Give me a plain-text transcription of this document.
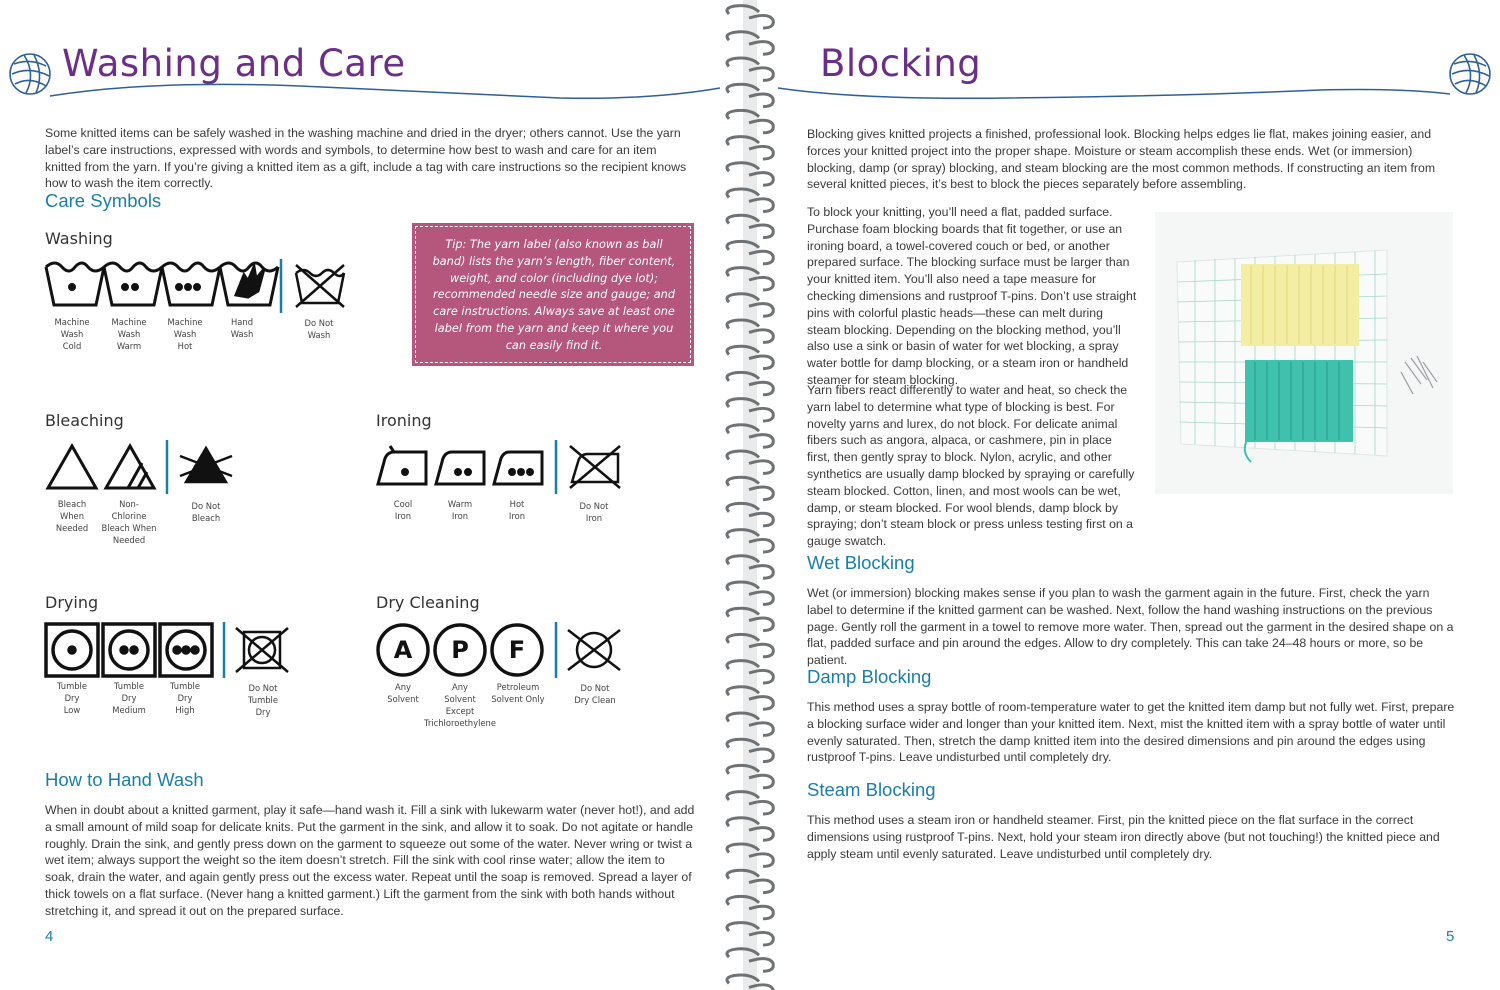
Washing and Care
Some knitted items can be safely washed in the washing machine and dried in the dryer; others cannot. Use the yarn label’s care instructions, expressed with words and symbols, to determine how best to wash and care for an item knitted from the yarn. If you’re giving a knitted item as a gift, include a tag with care instructions so the recipient knows how to wash the item correctly.
Care Symbols
Washing
Machine
Wash
Cold
Machine
Wash
Warm
Machine
Wash
Hot
Hand
Wash
Do Not
Wash
Tip: The yarn label (also known as ball band) lists the yarn’s length, fiber content, weight, and color (including dye lot); recommended needle size and gauge; and care instructions. Always save at least one label from the yarn and keep it where you can easily find it.
Bleaching
Bleach
When
Needed
Non-
Chlorine
Bleach When
Needed
Do Not
Bleach
Ironing
Cool
Iron
Warm
Iron
Hot
Iron
Do Not
Iron
Drying
Tumble
Dry
Low
Tumble
Dry
Medium
Tumble
Dry
High
Do Not
Tumble
Dry
Dry Cleaning
A	P	F
Any
Solvent
Any
Solvent
Except
Trichloroethylene
Petroleum
Solvent Only
Do Not
Dry Clean
How to Hand Wash
When in doubt about a knitted garment, play it safe—hand wash it. Fill a sink with lukewarm water (never hot!), and add a small amount of mild soap for delicate knits. Put the garment in the sink, and allow it to soak. Do not agitate or handle roughly. Drain the sink, and gently press down on the garment to squeeze out some of the water. Never wring or twist a wet item; always support the weight so the item doesn’t stretch. Fill the sink with cool rinse water; allow the item to soak, drain the water, and again gently press out the excess water. Repeat until the soap is removed. Spread a layer of thick towels on a flat surface. (Never hang a knitted garment.) Lift the garment from the sink with both hands without stretching it, and spread it out on the prepared surface.
4
Blocking
Blocking gives knitted projects a finished, professional look. Blocking helps edges lie flat, makes joining easier, and forces your knitted project into the proper shape. Moisture or steam accomplish these ends. Wet (or immersion) blocking, damp (or spray) blocking, and steam blocking are the most common methods. If constructing an item from several knitted pieces, it’s best to block the pieces separately before assembling.
To block your knitting, you’ll need a flat, padded surface. Purchase foam blocking boards that fit together, or use an ironing board, a towel-covered couch or bed, or another prepared surface. The blocking surface must be larger than your knitted item. You’ll also need a tape measure for checking dimensions and rustproof T-pins. Don’t use straight pins with colorful plastic heads—these can melt during steam blocking. Depending on the blocking method, you’ll also use a sink or basin of water for wet blocking, a spray water bottle for damp blocking, or a steam iron or handheld steamer for steam blocking.
Yarn fibers react differently to water and heat, so check the yarn label to determine what type of blocking is best. For novelty yarns and lurex, do not block. For delicate animal fibers such as angora, alpaca, or cashmere, pin in place first, then gently spray to block. Nylon, acrylic, and other synthetics are usually damp blocked by spraying or carefully steam blocked. Cotton, linen, and most wools can be wet, damp, or steam blocked. For wool blends, damp block by spraying; don’t steam block or press unless testing first on a gauge swatch.
Wet Blocking
Wet (or immersion) blocking makes sense if you plan to wash the garment again in the future. First, check the yarn label to determine if the knitted garment can be washed. Next, follow the hand washing instructions on the previous page. Gently roll the garment in a towel to remove more water. Then, spread out the garment in the desired shape on a flat, padded surface and pin around the edges. Allow to dry completely. This can take 24–48 hours or more, so be patient.
Damp Blocking
This method uses a spray bottle of room-temperature water to get the knitted item damp but not fully wet. First, prepare a blocking surface wider and longer than your knitted item. Next, mist the knitted item with a spray bottle of water until evenly saturated. Then, stretch the damp knitted item into the desired dimensions and pin around the edges using rustproof T-pins. Leave undisturbed until completely dry.
Steam Blocking
This method uses a steam iron or handheld steamer. First, pin the knitted piece on the flat surface in the correct dimensions using rustproof T-pins. Next, hold your steam iron directly above (but not touching!) the knitted piece and apply steam until evenly saturated. Leave undisturbed until completely dry.
5
